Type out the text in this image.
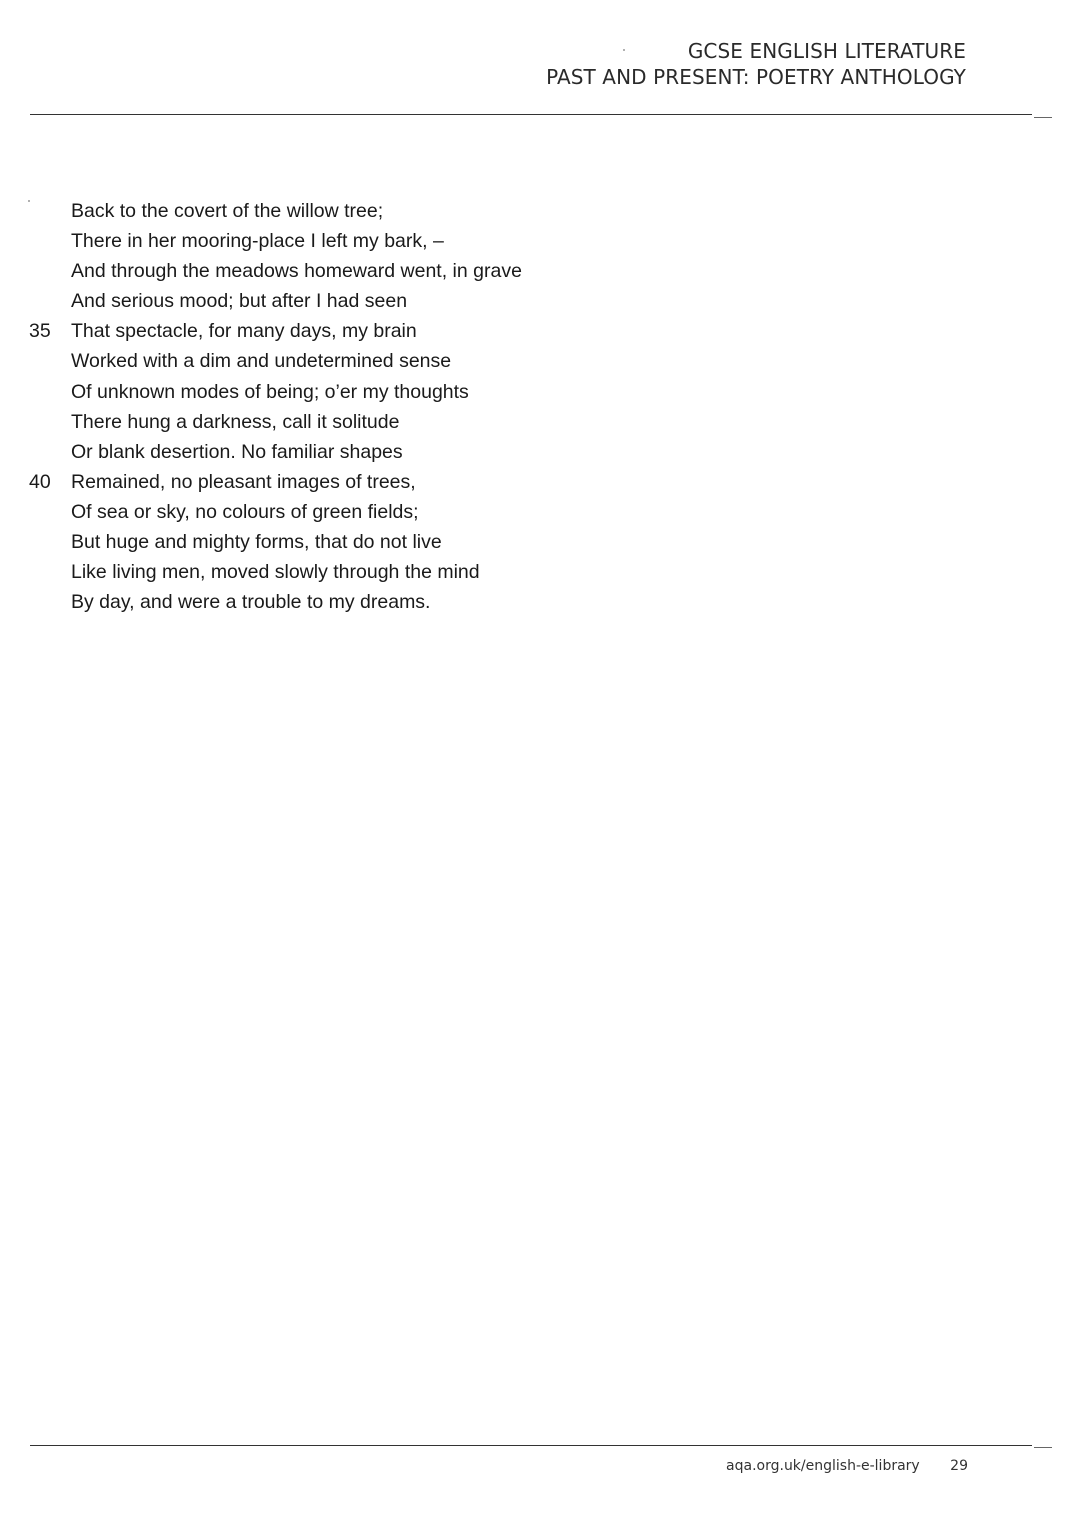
GCSE ENGLISH LITERATURE
PAST AND PRESENT: POETRY ANTHOLOGY
Back to the covert of the willow tree;
There in her mooring-place I left my bark, –
And through the meadows homeward went, in grave
And serious mood; but after I had seen
35	That spectacle, for many days, my brain
Worked with a dim and undetermined sense
Of unknown modes of being; o’er my thoughts
There hung a darkness, call it solitude
Or blank desertion. No familiar shapes
40	Remained, no pleasant images of trees,
Of sea or sky, no colours of green fields;
But huge and mighty forms, that do not live
Like living men, moved slowly through the mind
By day, and were a trouble to my dreams.
aqa.org.uk/english-e-library 29
